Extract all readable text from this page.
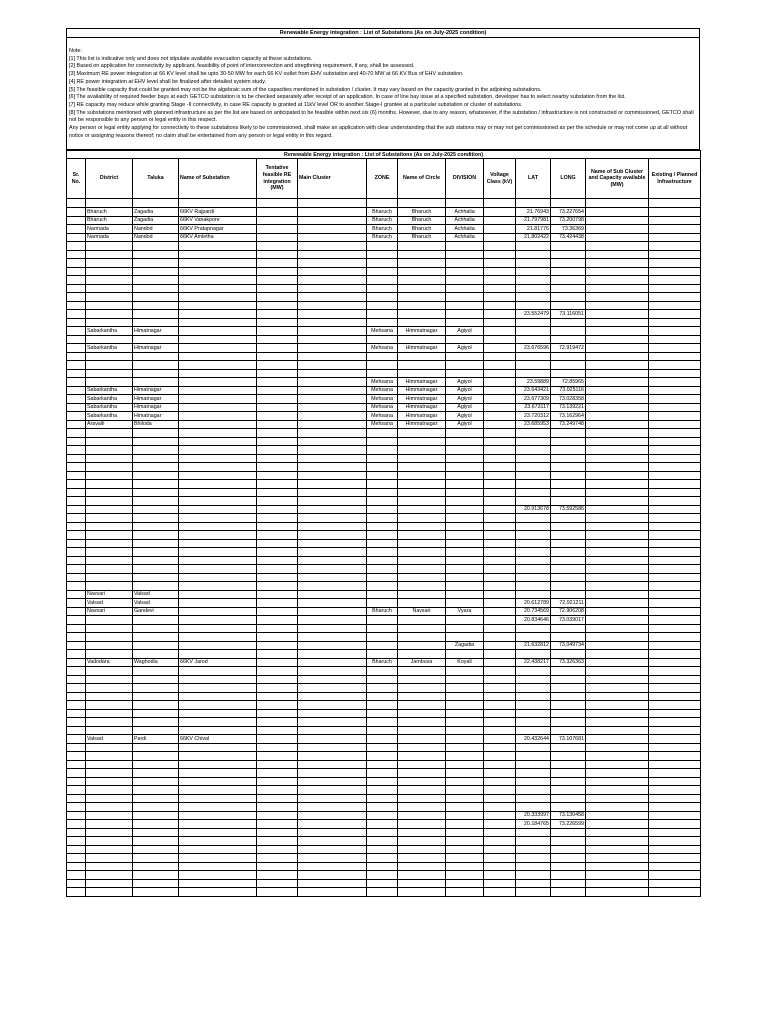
Renewable Energy integration : List of Substations (As on July-2025 condition)
Note:
[1] This list is indicative only and does not stipulate available evacuation capacity at these substations.
[2] Based on application for connectivity by applicant, feasibility of point of interconnection and stregthning requirement, if any, shall be assessed.
[3] Maximum RE power integration at 66 KV level shall be upto 30-50 MW for each 66 KV outlet from EHV substation and 40-70 MW at 66 KV Bus of EHV substation.
[4] RE power integration at EHV level shall be finalized after detailed system study.
[5] The feasible capacity that could be granted may not be the algebraic sum of the capacities mentioned in substation / cluster. It may vary based on the capacity granted in the adjoining substations.
[6] The availability of required feeder bays at each GETCO substation is to be checked separately after receipt of an application. In case of line bay issue at a specified substation, developer has to select nearby substation from the list.
[7] RE capacity may reduce while granting Stage -II connectivity, in case RE capacity is granted at 11kV level OR to another Stage-I grantee at a particular substation or cluster of substations.
[8] The substations mentioned with planned infrastructure as per the list are based on anticipated to be feasible within next six (6) months. However, due to any reason, whatsoever, if the substation / infrastructure is not constructed or commissioned, GETCO shall not be responsible to any person or legal entity in this respect.
Any person or legal entity applying for connectivity to these substations likely to be commissioned, shall make an application with clear understanding that the sub stations may or may not get commissioned as per the schedule or may not come up at all without notice or assigning reasons thereof; no claim shall be entertained from any person or legal entity in this regard.
Renewable Energy integration : List of Substations (As on July-2025 condition)													
Sr. No.	District	Taluka	Name of Substation	Tentative feasible RE integration (MW)	Main Cluster	ZONE	Name of Circle	DIVISION	Voltage Class (kV)	LAT	LONG	Name of Sub Cluster and Capacity available (MW)	Existing / Planned Infrastructure

	Bharuch	Zagadia	66KV Rajpardi			Bharuch	Bharuch	Achhalia		21.76943	73.227654		
	Bharuch	Zagadia	66KV Vanakpore			Bharuch	Bharuch	Achhalia		21.797981	73.200798		
	Narmada	Nandod	66KV Pratapnagar			Bharuch	Bharuch	Achhalia		21.81776	73.36369		
	Narmada	Nandod	66KV Amletha			Bharuch	Bharuch	Achhalia		21.802422	73.424438		

										23.552479	73.116051		

	Sabarkantha	Himatnagar				Mehsana	Himmatnagar	Agiyol					

	Sabarkantha	Himatnagar				Mehsana	Himmatnagar	Agiyol		23.676596	72.919472		

						Mehsana	Himmatnagar	Agiyol		23.59889	72.85965		
	Sabarkantha	Himatnagar				Mehsana	Himmatnagar	Agiyol		23.643421	73.025116		
	Sabarkantha	Himatnagar				Mehsana	Himmatnagar	Agiyol		23.677309	73.028358		
	Sabarkantha	Himatnagar				Mehsana	Himmatnagar	Agiyol		23.673117	73.139221		
	Sabarkantha	Himatnagar				Mehsana	Himmatnagar	Agiyol		23.720312	73.162964		
	Aravalli	Bhiloda				Mehsana	Himmatnagar	Agiyol		23.685953	73.249748		

										20.913678	73.592586		

	Navsari	Valsad											
	Valsad	Valsad								20.612789	72.921211		
	Navsari	Gandevi				Bharuch	Navsari	Vyara		20.734569	72.906208		
										20.834646	73.039017		

								Zagadia		21.632812	73.049734		

	Vadodara	Waghodia	66KV Jarod			Bharuch	Jambuva	Koyali		22.438217	73.326363		

	Valsad	Pardi	66KV Chival							20.432644	73.107681		

										20.333997	73.130458		
										20.184765	73.226599		
